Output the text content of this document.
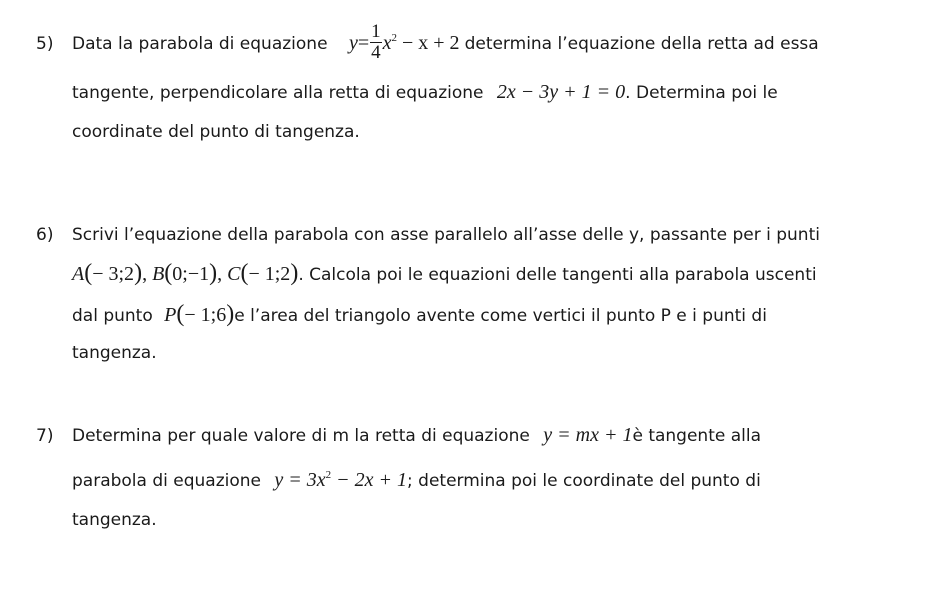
5) Data la parabola di equazione $y= \frac{1}{4} x^2 - x + 2$ determina l’equazione della retta ad essa
tangente, perpendicolare alla retta di equazione 2x − 3y + 1 = 0. Determina poi le
coordinate del punto di tangenza.
6) Scrivi l’equazione della parabola con asse parallelo all’asse delle y, passante per i punti
A(− 3;2), B(0;−1), C(− 1;2). Calcola poi le equazioni delle tangenti alla parabola uscenti
dal punto P(− 1;6)e l’area del triangolo avente come vertici il punto P e i punti di
tangenza.
7) Determina per quale valore di m la retta di equazione y = mx + 1è tangente alla
parabola di equazione $y = 3x^2 - 2x + 1$; determina poi le coordinate del punto di
tangenza.
